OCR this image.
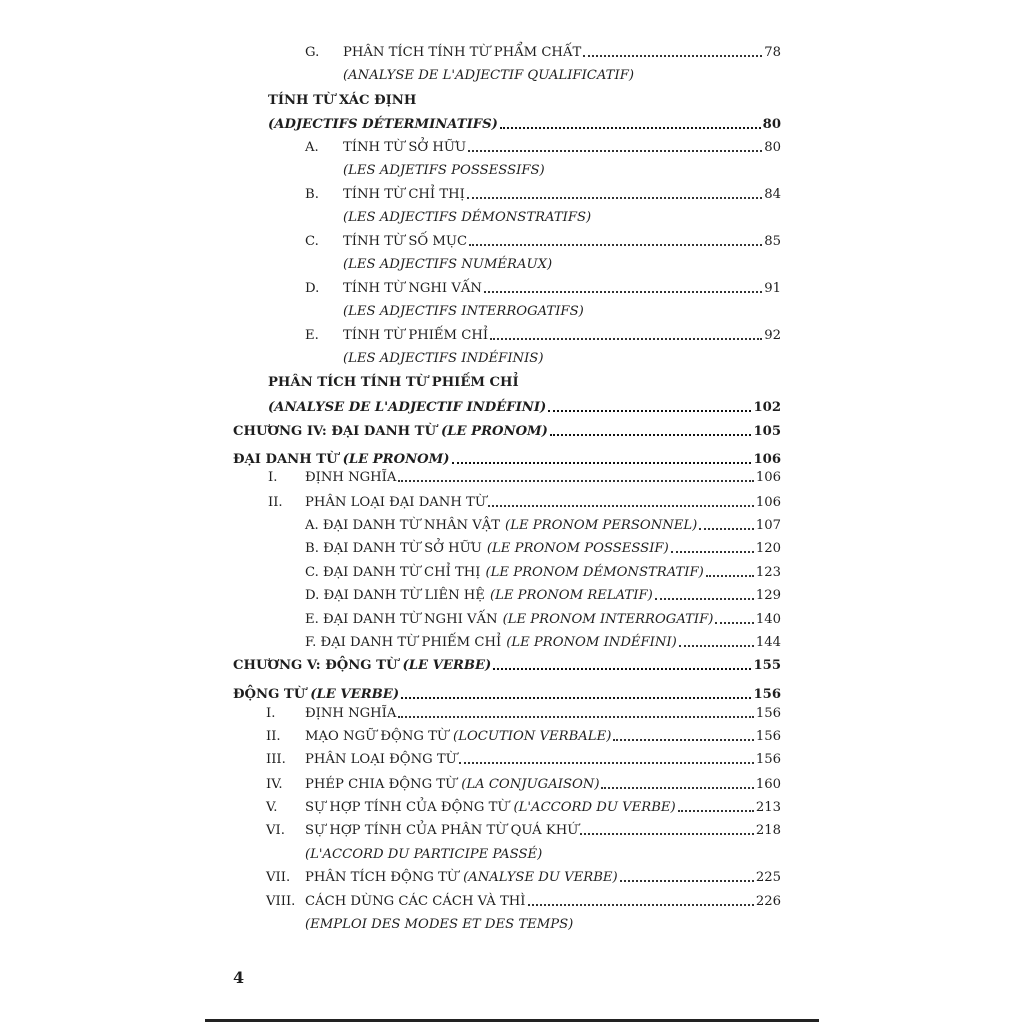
G.	PHÂN TÍCH TÍNH TỪ PHẨM CHẤT	78
(ANALYSE DE L'ADJECTIF QUALIFICATIF)
TÍNH TỪ XÁC ĐỊNH
(ADJECTIFS DÉTERMINATIFS)	80
A.	TÍNH TỪ SỞ HỮU	80
(LES ADJETIFS POSSESSIFS)
B.	TÍNH TỪ CHỈ THỊ	84
(LES ADJECTIFS DÉMONSTRATIFS)
C.	TÍNH TỪ SỐ MỤC	85
(LES ADJECTIFS NUMÉRAUX)
D.	TÍNH TỪ NGHI VẤN	91
(LES ADJECTIFS INTERROGATIFS)
E.	TÍNH TỪ PHIẾM CHỈ	92
(LES ADJECTIFS INDÉFINIS)
PHÂN TÍCH TÍNH TỪ PHIẾM CHỈ
(ANALYSE DE L'ADJECTIF INDÉFINI)	102
CHƯƠNG IV: ĐẠI DANH TỪ (LE PRONOM)	105
ĐẠI DANH TỪ (LE PRONOM)	106
I.	ĐỊNH NGHĨA	106
II.	PHÂN LOẠI ĐẠI DANH TỪ	106
A. ĐẠI DANH TỪ NHÂN VẬT (LE PRONOM PERSONNEL)	107
B. ĐẠI DANH TỪ SỞ HỮU (LE PRONOM POSSESSIF)	120
C. ĐẠI DANH TỪ CHỈ THỊ (LE PRONOM DÉMONSTRATIF)	123
D. ĐẠI DANH TỪ LIÊN HỆ (LE PRONOM RELATIF)	129
E. ĐẠI DANH TỪ NGHI VẤN (LE PRONOM INTERROGATIF)	140
F. ĐẠI DANH TỪ PHIẾM CHỈ (LE PRONOM INDÉFINI)	144
CHƯƠNG V: ĐỘNG TỪ (LE VERBE)	155
ĐỘNG TỪ (LE VERBE)	156
I.	ĐỊNH NGHĨA	156
II.	MẠO NGỮ ĐỘNG TỪ (LOCUTION VERBALE)	156
III.	PHÂN LOẠI ĐỘNG TỪ	156
IV.	PHÉP CHIA ĐỘNG TỪ (LA CONJUGAISON)	160
V.	SỰ HỢP TÍNH CỦA ĐỘNG TỪ (L'ACCORD DU VERBE)	213
VI.	SỰ HỢP TÍNH CỦA PHÂN TỪ QUÁ KHỨ	218
(L'ACCORD DU PARTICIPE PASSÉ)
VII.	PHÂN TÍCH ĐỘNG TỪ (ANALYSE DU VERBE)	225
VIII. CÁCH DÙNG CÁC CÁCH VÀ THÌ	226
(EMPLOI DES MODES ET DES TEMPS)
4
